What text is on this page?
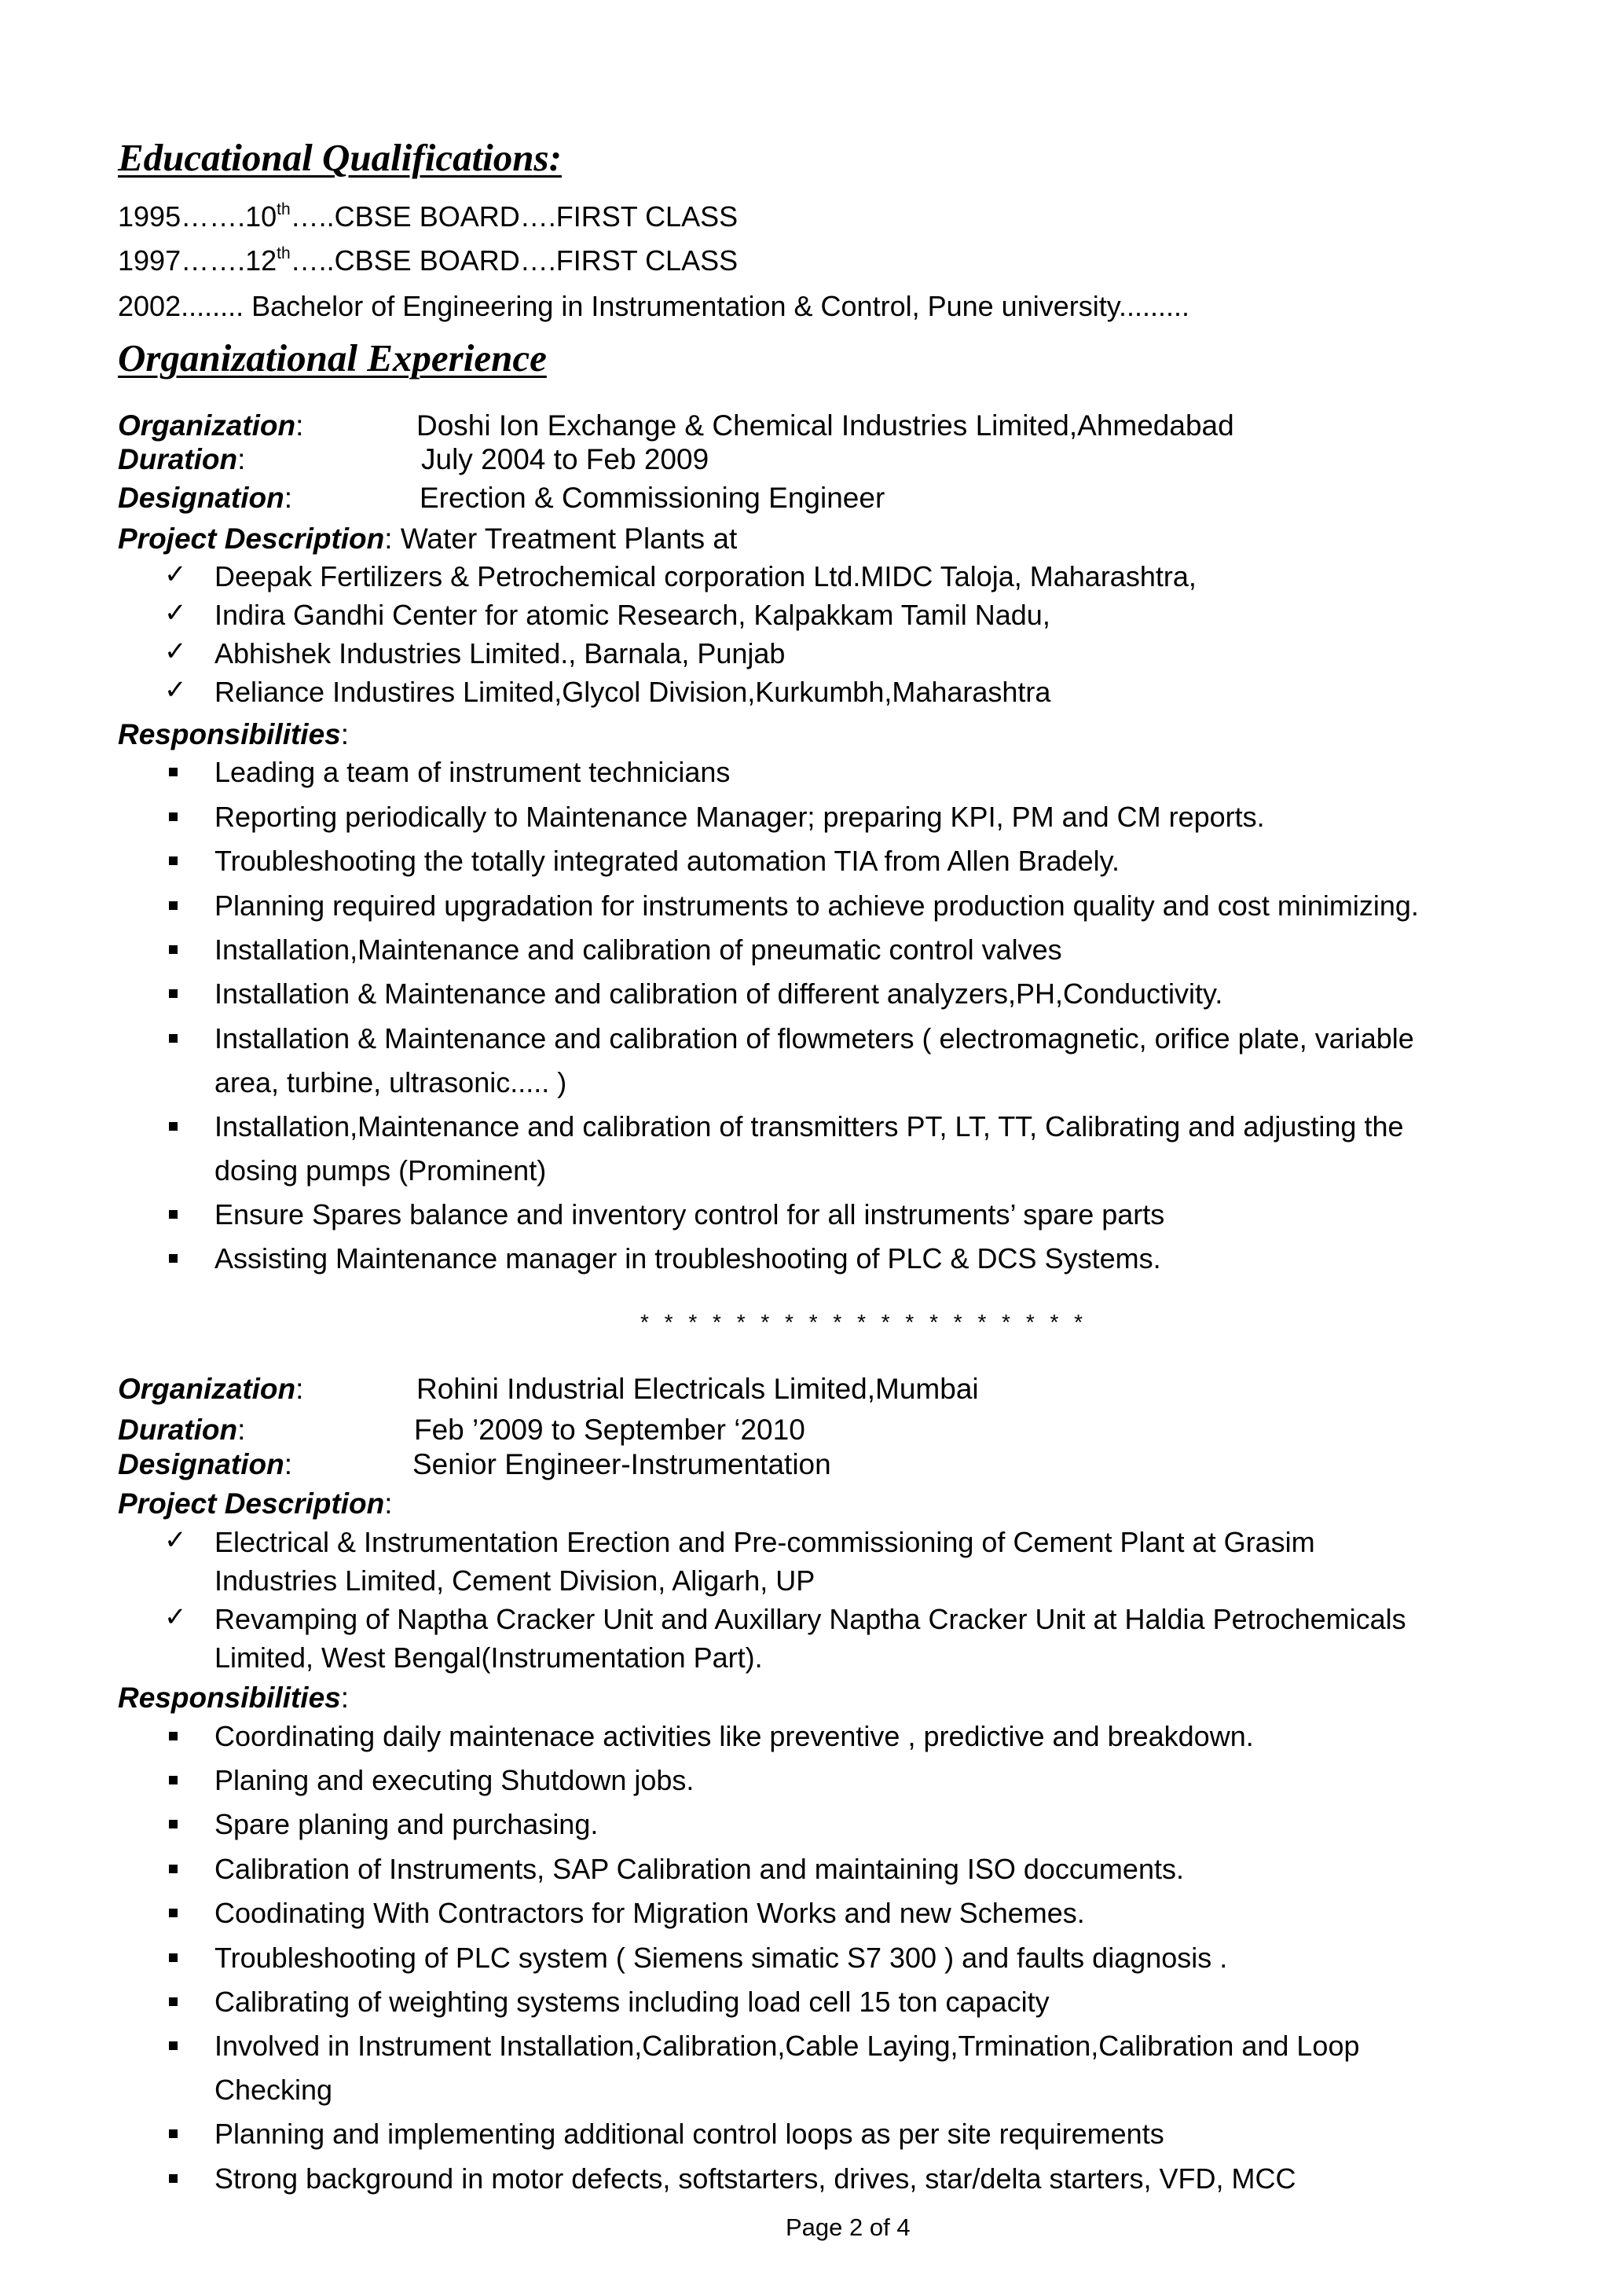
Educational Qualifications:
1995…….10th…..CBSE BOARD….FIRST CLASS
1997…….12th…..CBSE BOARD….FIRST CLASS
2002........ Bachelor of Engineering in Instrumentation & Control, Pune university.........
Organizational Experience
Organization:	Doshi Ion Exchange & Chemical Industries Limited,Ahmedabad
Duration:	July 2004 to Feb 2009
Designation:	Erection & Commissioning Engineer
Project Description: Water Treatment Plants at
✓ Deepak Fertilizers & Petrochemical corporation Ltd.MIDC Taloja, Maharashtra,
✓ Indira Gandhi Center for atomic Research, Kalpakkam Tamil Nadu,
✓ Abhishek Industries Limited., Barnala, Punjab
✓ Reliance Industires Limited,Glycol Division,Kurkumbh,Maharashtra
Responsibilities:
Leading a team of instrument technicians
Reporting periodically to Maintenance Manager; preparing KPI, PM and CM reports.
Troubleshooting the totally integrated automation TIA from Allen Bradely.
Planning required upgradation for instruments to achieve production quality and cost minimizing.
Installation,Maintenance and calibration of pneumatic control valves
Installation & Maintenance and calibration of different analyzers,PH,Conductivity.
Installation & Maintenance and calibration of flowmeters ( electromagnetic, orifice plate, variable
area, turbine, ultrasonic..... )
Installation,Maintenance and calibration of transmitters PT, LT, TT, Calibrating and adjusting the
dosing pumps (Prominent)
Ensure Spares balance and inventory control for all instruments’ spare parts
Assisting Maintenance manager in troubleshooting of PLC & DCS Systems.
* * * * * * * * * * * * * * * * * * *
Organization:	Rohini Industrial Electricals Limited,Mumbai
Duration:	Feb ’2009 to September ‘2010
Designation:	Senior Engineer-Instrumentation
Project Description:
✓ Electrical & Instrumentation Erection and Pre-commissioning of Cement Plant at Grasim
Industries Limited, Cement Division, Aligarh, UP
✓ Revamping of Naptha Cracker Unit and Auxillary Naptha Cracker Unit at Haldia Petrochemicals
Limited, West Bengal(Instrumentation Part).
Responsibilities:
Coordinating daily maintenace activities like preventive , predictive and breakdown.
Planing and executing Shutdown jobs.
Spare planing and purchasing.
Calibration of Instruments, SAP Calibration and maintaining ISO doccuments.
Coodinating With Contractors for Migration Works and new Schemes.
Troubleshooting of PLC system ( Siemens simatic S7 300 ) and faults diagnosis .
Calibrating of weighting systems including load cell 15 ton capacity
Involved in Instrument Installation,Calibration,Cable Laying,Trmination,Calibration and Loop
Checking
Planning and implementing additional control loops as per site requirements
Strong background in motor defects, softstarters, drives, star/delta starters, VFD, MCC
Page 2 of 4
